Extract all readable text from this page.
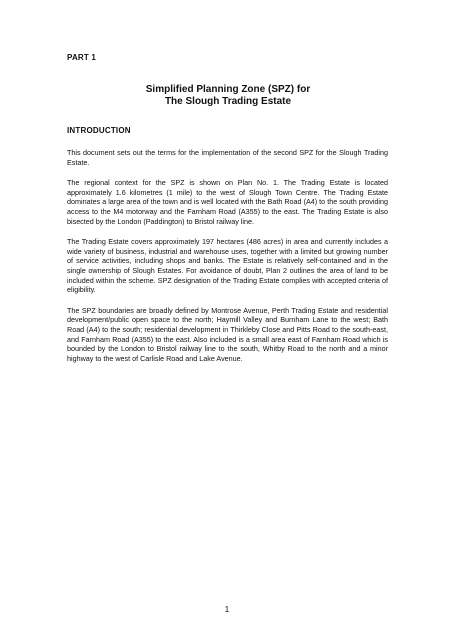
PART 1
Simplified Planning Zone (SPZ) for
The Slough Trading Estate
INTRODUCTION

This document sets out the terms for the implementation of the second SPZ for the Slough Trading Estate.

The regional context for the SPZ is shown on Plan No. 1. The Trading Estate is located approximately 1.6 kilometres (1 mile) to the west of Slough Town Centre. The Trading Estate dominates a large area of the town and is well located with the Bath Road (A4) to the south providing access to the M4 motorway and the Farnham Road (A355) to the east. The Trading Estate is also bisected by the London (Paddington) to Bristol railway line.

The Trading Estate covers approximately 197 hectares (486 acres) in area and currently includes a wide variety of business, industrial and warehouse uses, together with a limited but growing number of service activities, including shops and banks. The Estate is relatively self-contained and in the single ownership of Slough Estates. For avoidance of doubt, Plan 2 outlines the area of land to be included within the scheme. SPZ designation of the Trading Estate complies with accepted criteria of eligibility.

The SPZ boundaries are broadly defined by Montrose Avenue, Perth Trading Estate and residential development/public open space to the north; Haymill Valley and Burnham Lane to the west; Bath Road (A4) to the south; residential development in Thirkleby Close and Pitts Road to the south-east, and Farnham Road (A355) to the east. Also included is a small area east of Farnham Road which is bounded by the London to Bristol railway line to the south, Whitby Road to the north and a minor highway to the west of Carlisle Road and Lake Avenue.

1
